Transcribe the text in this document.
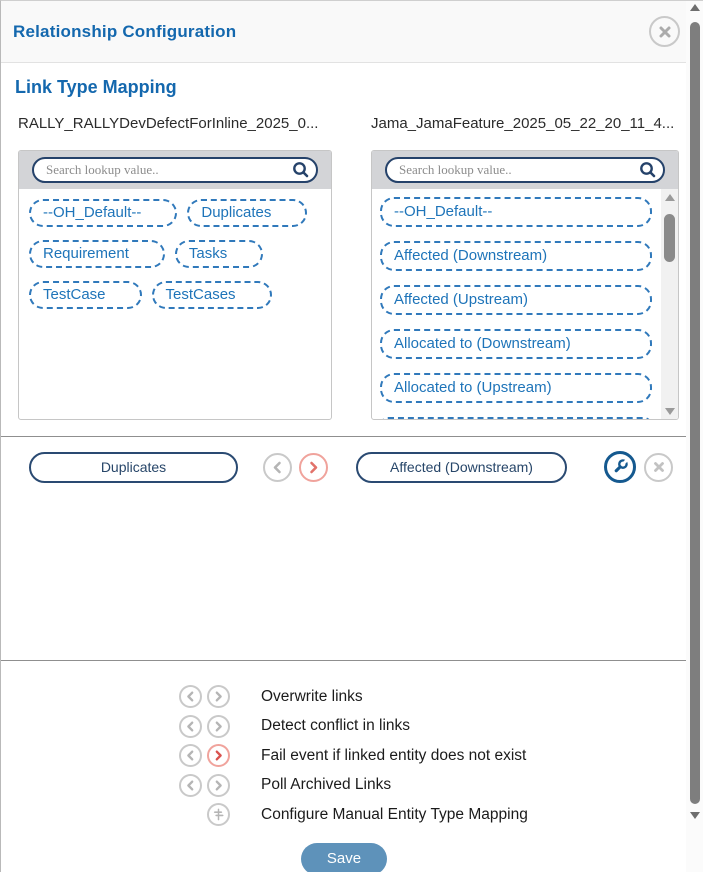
Relationship Configuration
Link Type Mapping
RALLY_RALLYDevDefectForInline_2025_0...
Search lookup value..
--OH_Default--	DuplicatesRequirement	TasksTestCase	TestCases
Jama_JamaFeature_2025_05_22_20_11_4...
Search lookup value..
--OH_Default--
Affected (Downstream)
Affected (Upstream)
Allocated to (Downstream)
Allocated to (Upstream)
Duplicates	Affected (Downstream)
Overwrite links
Detect conflict in links
Fail event if linked entity does not exist
Poll Archived Links
Configure Manual Entity Type Mapping
Save
